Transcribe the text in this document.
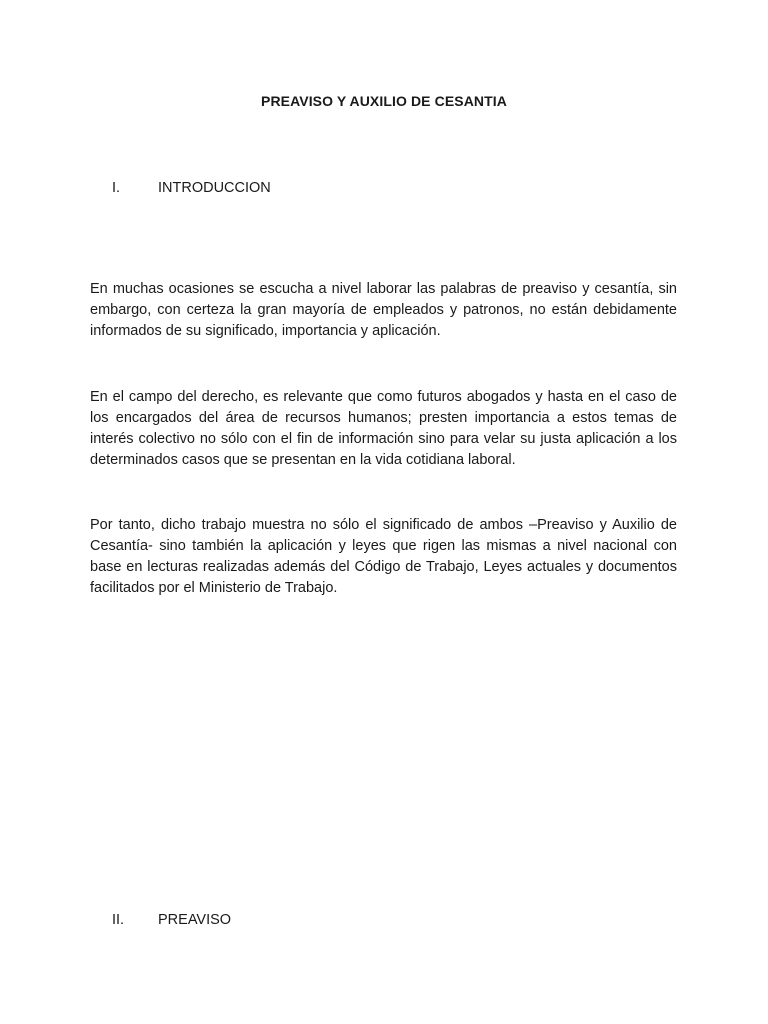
PREAVISO Y AUXILIO DE CESANTIA
I.	INTRODUCCION

En muchas ocasiones se escucha a nivel laborar las palabras de preaviso y cesantía, sin embargo, con certeza la gran mayoría de empleados y patronos, no están debidamente informados de su significado, importancia y aplicación.

En el campo del derecho, es relevante que como futuros abogados y hasta en el caso de los encargados del área de recursos humanos; presten importancia a estos temas de interés colectivo no sólo con el fin de información sino para velar su justa aplicación a los determinados casos que se presentan en la vida cotidiana laboral.

Por tanto, dicho trabajo muestra no sólo el significado de ambos –Preaviso y Auxilio de Cesantía- sino también la aplicación y leyes que rigen las mismas a nivel nacional con base en lecturas realizadas además del Código de Trabajo, Leyes actuales y documentos facilitados por el Ministerio de Trabajo.

II.	PREAVISO
